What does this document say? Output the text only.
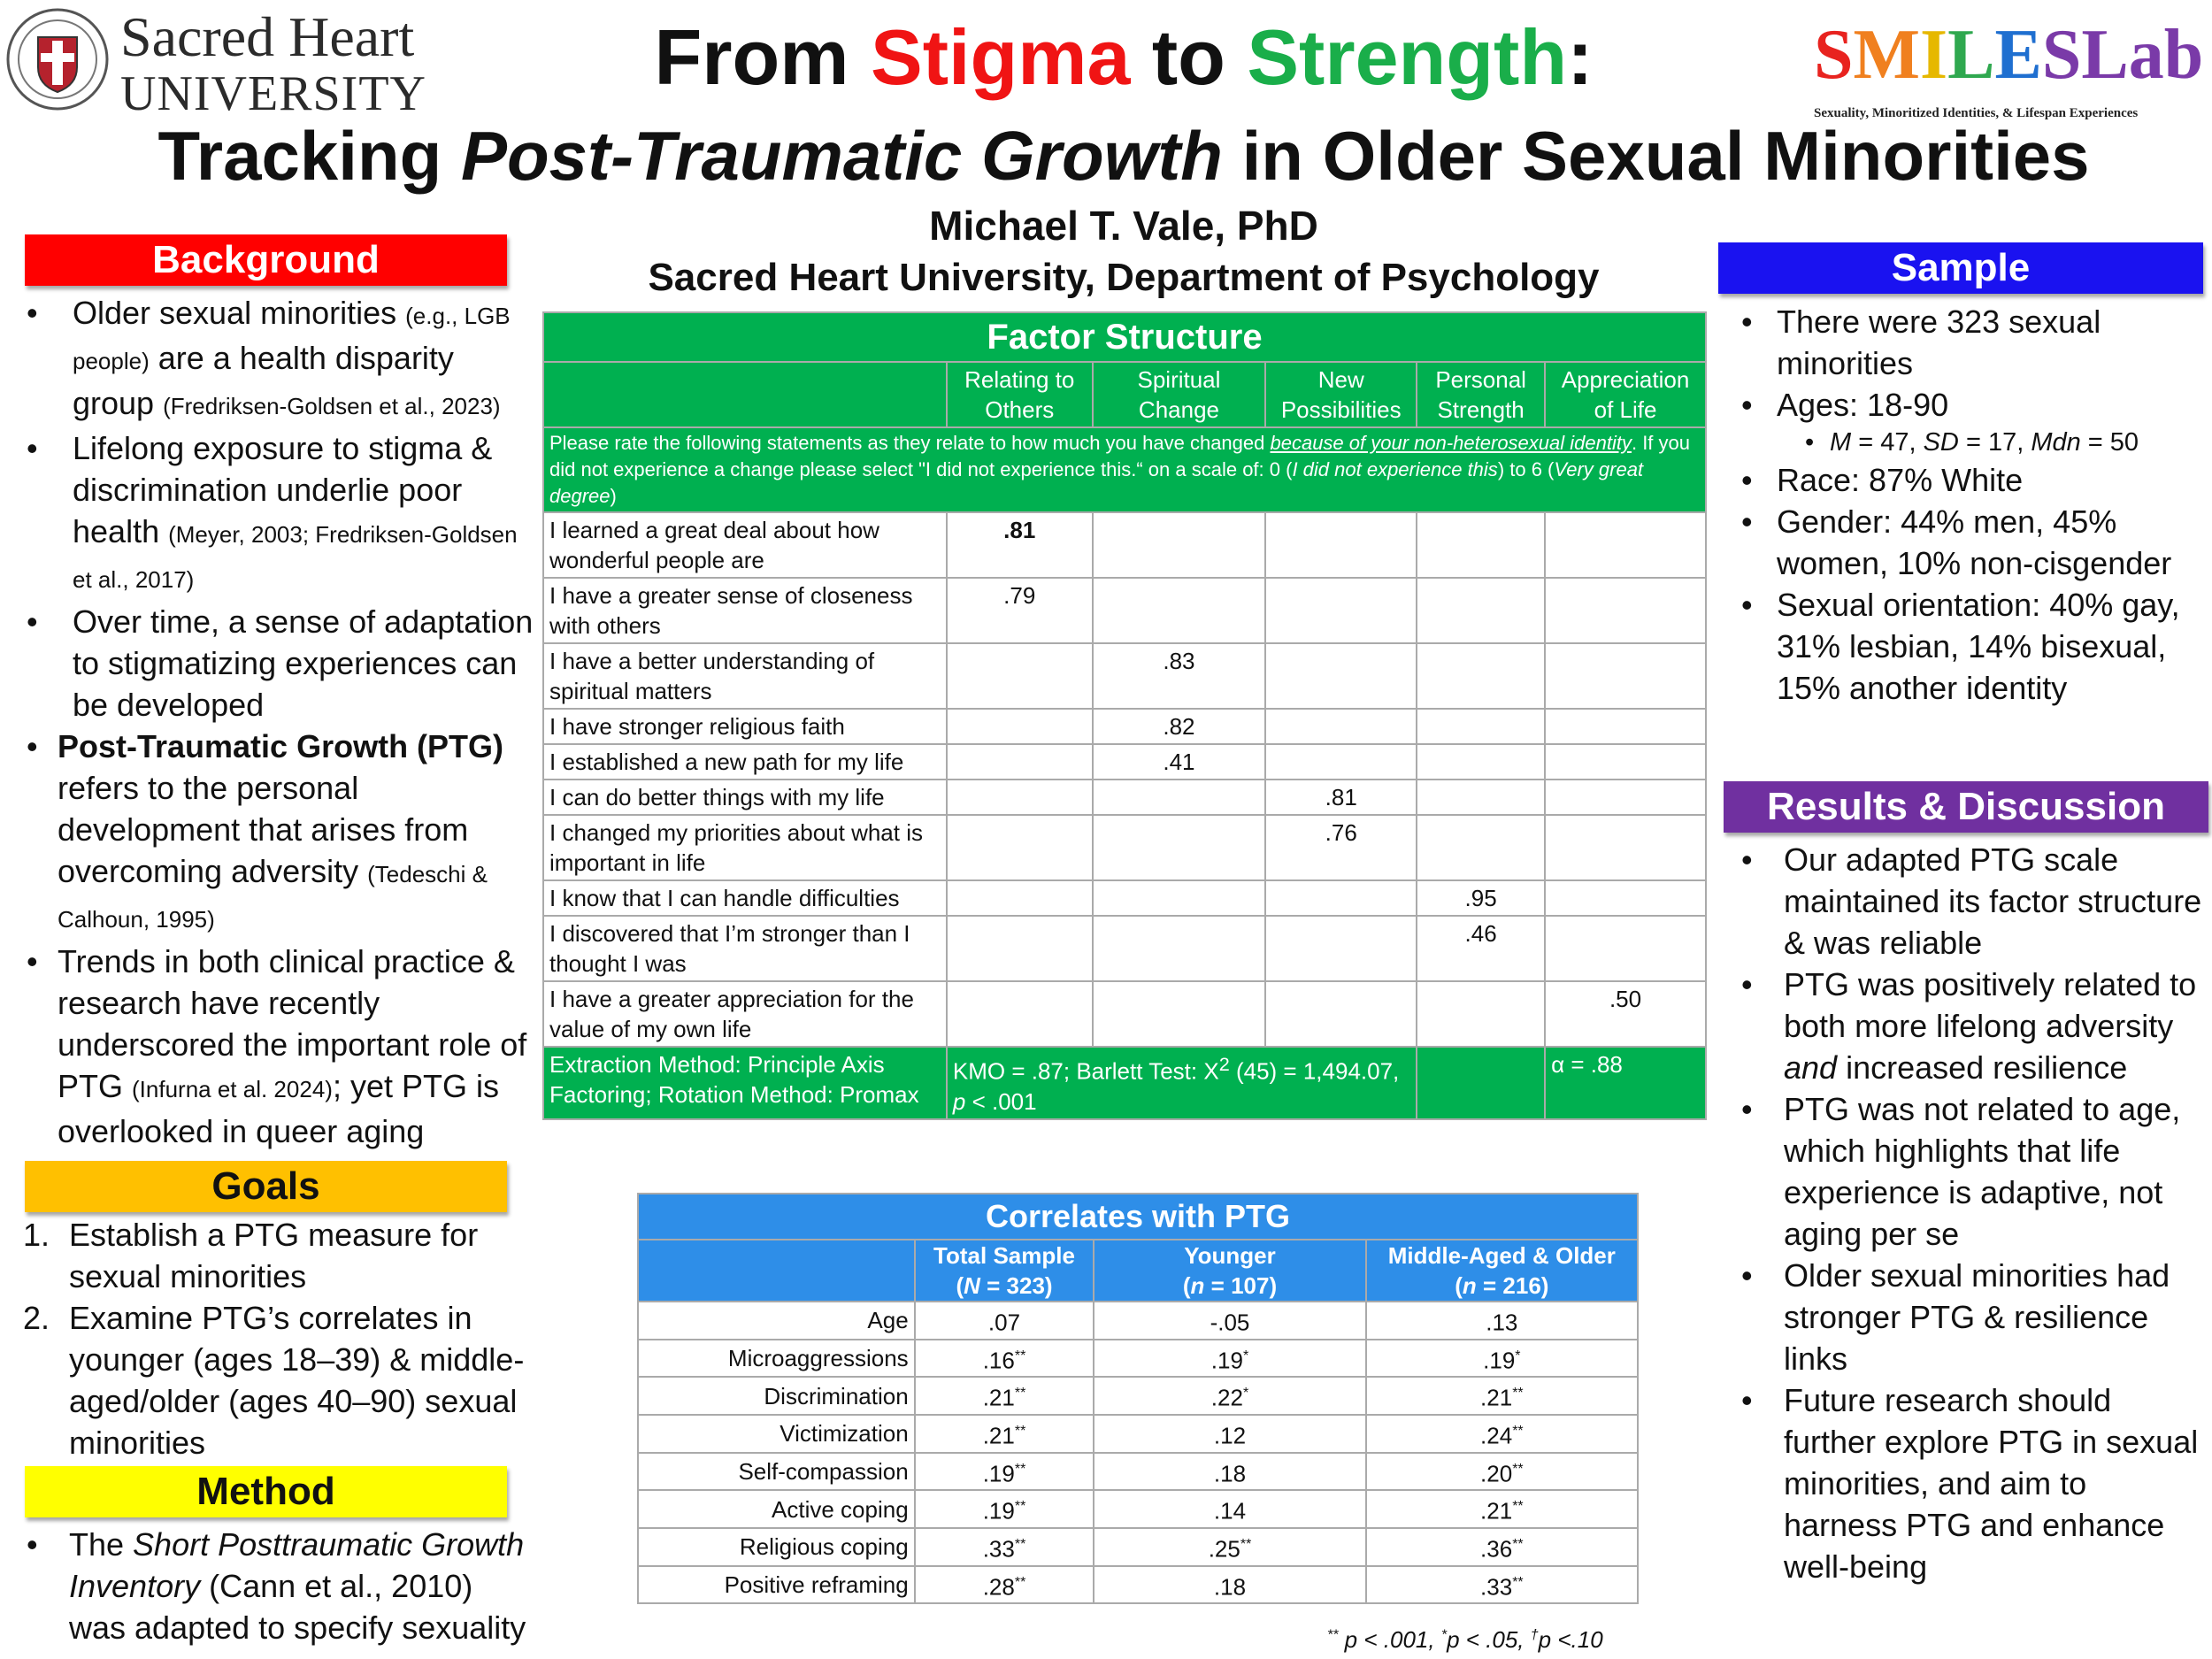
Sacred Heart
UNIVERSITY	From Stigma to Strength:
Tracking Post-Traumatic Growth in Older Sexual Minorities
Michael T. Vale, PhD
Sacred Heart University, Department of Psychology
SMILESLab
Sexuality, Minoritized Identities, & Lifespan Experiences
Background
• Older sexual minorities (e.g., LGB people) are a health disparity group (Fredriksen-Goldsen et al., 2023)
• Lifelong exposure to stigma & discrimination underlie poor health (Meyer, 2003; Fredriksen-Goldsen et al., 2017)
• Over time, a sense of adaptation to stigmatizing experiences can be developed
• Post-Traumatic Growth (PTG) refers to the personal development that arises from overcoming adversity (Tedeschi & Calhoun, 1995)
• Trends in both clinical practice & research have recently underscored the important role of PTG (Infurna et al. 2024); yet PTG is overlooked in queer aging
Goals
1. Establish a PTG measure for sexual minorities
2. Examine PTG’s correlates in younger (ages 18–39) & middle-aged/older (ages 40–90) sexual minorities
Method
• The Short Posttraumatic Growth Inventory (Cann et al., 2010) was adapted to specify sexuality
Factor Structure					
	Relating to Others	Spiritual Change	New Possibilities	Personal Strength	Appreciation of Life
Please rate the following statements as they relate to how much you have changed because of your non-heterosexual identity. If you did not experience a change please select "I did not experience this.“ on a scale of: 0 (I did not experience this) to 6 (Very great degree)					
I learned a great deal about how wonderful people are	.81				
I have a greater sense of closeness with others	.79				
I have a better understanding of spiritual matters		.83			
I have stronger religious faith		.82			
I established a new path for my life		.41			
I can do better things with my life			.81		
I changed my priorities about what is important in life			.76		
I know that I can handle difficulties				.95	
I discovered that I’m stronger than I thought I was				.46	
I have a greater appreciation for the value of my own life					.50
Extraction Method: Principle Axis Factoring; Rotation Method: Promax	KMO = .87; Barlett Test: $X^2$ (45) = 1,494.07, p < .001				α = .88
Correlates with PTG			
	Total Sample
(N = 323)	Younger
(n = 107)	Middle-Aged & Older
(n = 216)
Age	.07	-.05	.13
Microaggressions	.16**	.19*	.19*
Discrimination	.21**	.22*	.21**
Victimization	.21**	.12	.24**
Self-compassion	.19**	.18	.20**
Active coping	.19**	.14	.21**
Religious coping	.33**	.25**	.36**
Positive reframing	.28**	.18	.33**
** p < .001, *p < .05, †p <.10
Sample
• There were 323 sexual minorities
• Ages: 18-90
• M = 47, SD = 17, Mdn = 50
• Race: 87% White
• Gender: 44% men, 45% women, 10% non-cisgender
• Sexual orientation: 40% gay, 31% lesbian, 14% bisexual, 15% another identity
Results & Discussion
• Our adapted PTG scale maintained its factor structure & was reliable
• PTG was positively related to both more lifelong adversity and increased resilience
• PTG was not related to age, which highlights that life experience is adaptive, not aging per se
• Older sexual minorities had stronger PTG & resilience links
• Future research should further explore PTG in sexual minorities, and aim to harness PTG and enhance well-being
